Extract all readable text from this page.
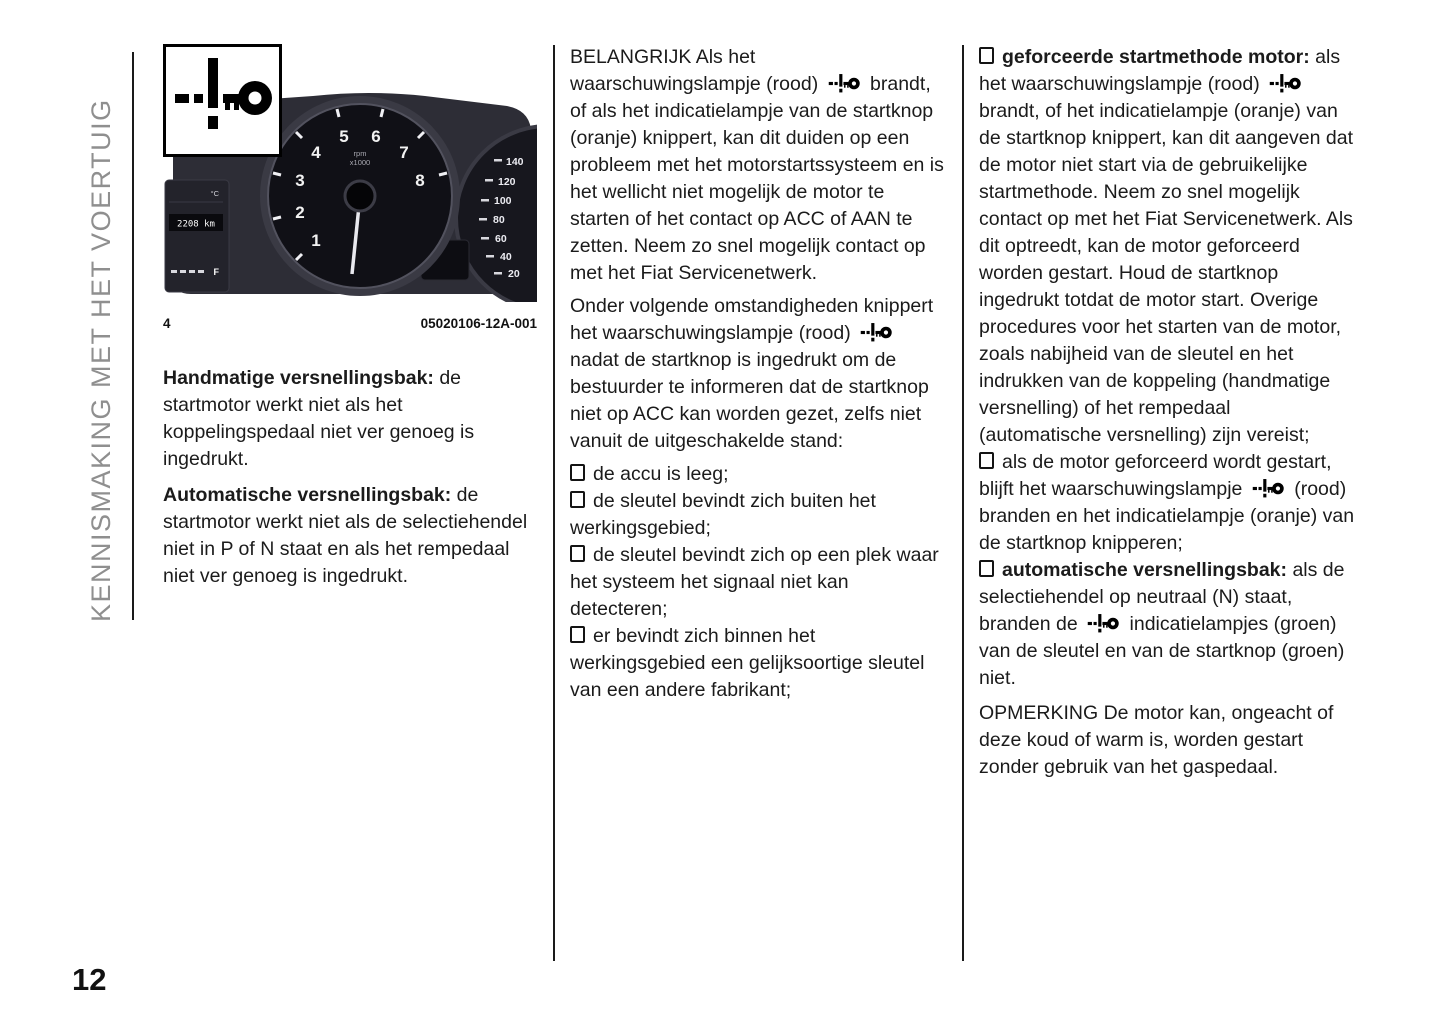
KENNISMAKING MET HET VOERTUIG	140
120
100
80
60
40
20
1
2
3
4
5 6
7
8
rpm
x1000
°C
2208 km
F
4	05020106-12A-001

Handmatige versnellingsbak: de startmotor werkt niet als het koppelingspedaal niet ver genoeg is ingedrukt.

Automatische versnellingsbak: de startmotor werkt niet als de selectiehendel niet in P of N staat en als het rempedaal niet ver genoeg is ingedrukt.

BELANGRIJK Als het waarschuwingslampje (rood)	brandt, of als het indicatielampje van de startknop (oranje) knippert, kan dit duiden op een probleem met het motorstartssysteem en is het wellicht niet mogelijk de motor te starten of het contact op ACC of AAN te zetten. Neem zo snel mogelijk contact op met het Fiat Servicenetwerk.

Onder volgende omstandigheden knippert het waarschuwingslampje (rood)
nadat de startknop is ingedrukt om de bestuurder te informeren dat de startknop niet op ACC kan worden gezet, zelfs niet vanuit de uitgeschakelde stand:

de accu is leeg;

de sleutel bevindt zich buiten het werkingsgebied;

de sleutel bevindt zich op een plek waar het systeem het signaal niet kan detecteren;

er bevindt zich binnen het werkingsgebied een gelijksoortige sleutel van een andere fabrikant;

geforceerde startmethode motor: als het waarschuwingslampje (rood)
brandt, of het indicatielampje (oranje) van de startknop knippert, kan dit aangeven dat de motor niet start via de gebruikelijke startmethode. Neem zo snel mogelijk contact op met het Fiat Servicenetwerk. Als dit optreedt, kan de motor geforceerd worden gestart. Houd de startknop ingedrukt totdat de motor start. Overige procedures voor het starten van de motor, zoals nabijheid van de sleutel en het indrukken van de koppeling (handmatige versnelling) of het rempedaal (automatische versnelling) zijn vereist;

als de motor geforceerd wordt gestart, blijft het waarschuwingslampje	(rood) branden en het indicatielampje (oranje) van de startknop knipperen;

automatische versnellingsbak: als de selectiehendel op neutraal (N) staat, branden de	indicatielampjes (groen) van de sleutel en van de startknop (groen) niet.

OPMERKING De motor kan, ongeacht of deze koud of warm is, worden gestart zonder gebruik van het gaspedaal.

12
